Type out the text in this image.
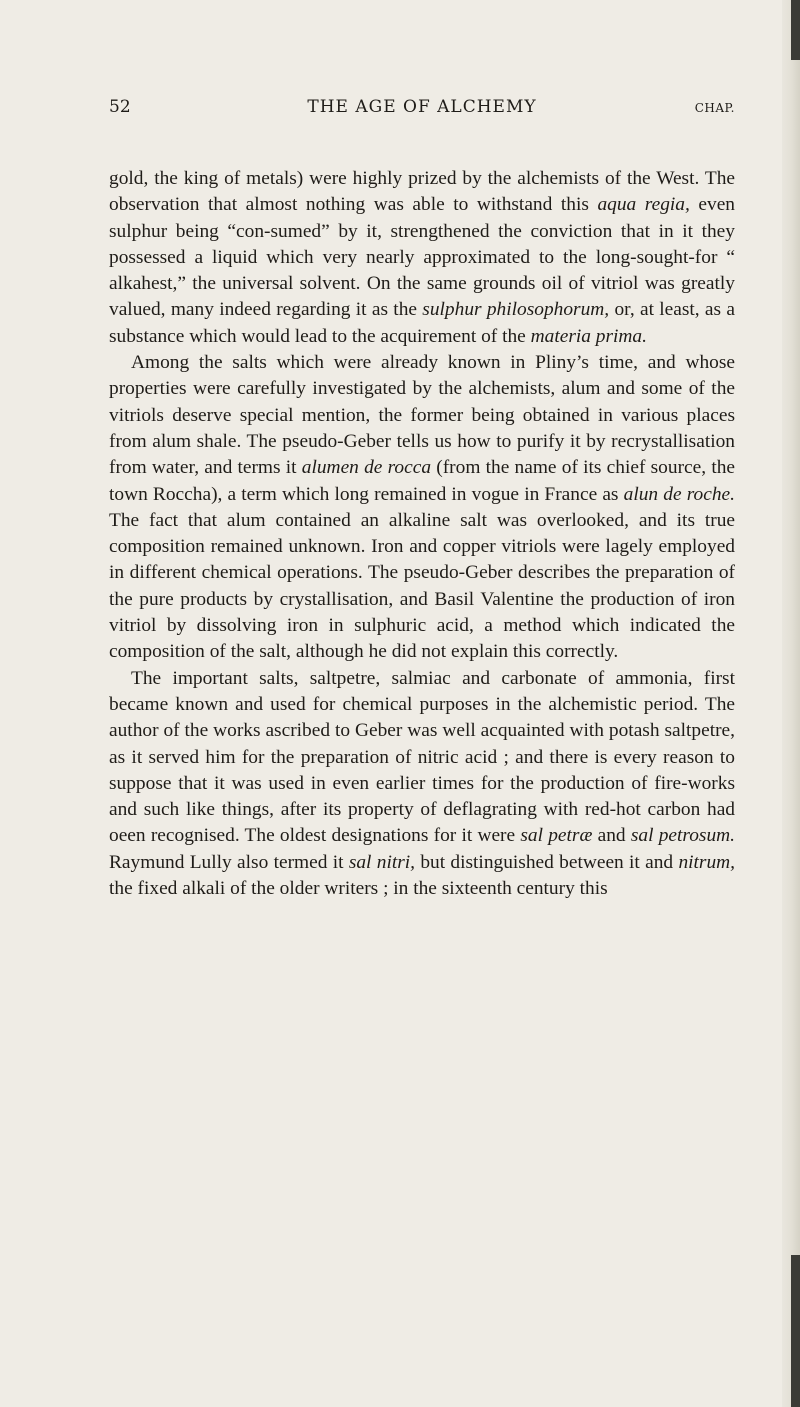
52	THE AGE OF ALCHEMY	CHAP.

gold, the king of metals) were highly prized by the alchemists of the West. The observation that almost nothing was able to withstand this aqua regia, even sulphur being “con-sumed” by it, strengthened the conviction that in it they possessed a liquid which very nearly approximated to the long-sought-for “ alkahest,” the universal solvent. On the same grounds oil of vitriol was greatly valued, many indeed regarding it as the sulphur philosophorum, or, at least, as a substance which would lead to the acquirement of the materia prima.

Among the salts which were already known in Pliny’s time, and whose properties were carefully investigated by the alchemists, alum and some of the vitriols deserve special mention, the former being obtained in various places from alum shale. The pseudo-Geber tells us how to purify it by recrystallisation from water, and terms it alumen de rocca (from the name of its chief source, the town Roccha), a term which long remained in vogue in France as alun de roche. The fact that alum contained an alkaline salt was overlooked, and its true composition remained unknown. Iron and copper vitriols were lagely employed in different chemical operations. The pseudo-Geber describes the preparation of the pure products by crystallisation, and Basil Valentine the production of iron vitriol by dissolving iron in sulphuric acid, a method which indicated the composition of the salt, although he did not explain this correctly.

The important salts, saltpetre, salmiac and carbonate of ammonia, first became known and used for chemical purposes in the alchemistic period. The author of the works ascribed to Geber was well acquainted with potash saltpetre, as it served him for the preparation of nitric acid ; and there is every reason to suppose that it was used in even earlier times for the production of fire-works and such like things, after its property of deflagrating with red-hot carbon had oeen recognised. The oldest designations for it were sal petræ and sal petrosum. Raymund Lully also termed it sal nitri, but distinguished between it and nitrum, the fixed alkali of the older writers ; in the sixteenth century this
